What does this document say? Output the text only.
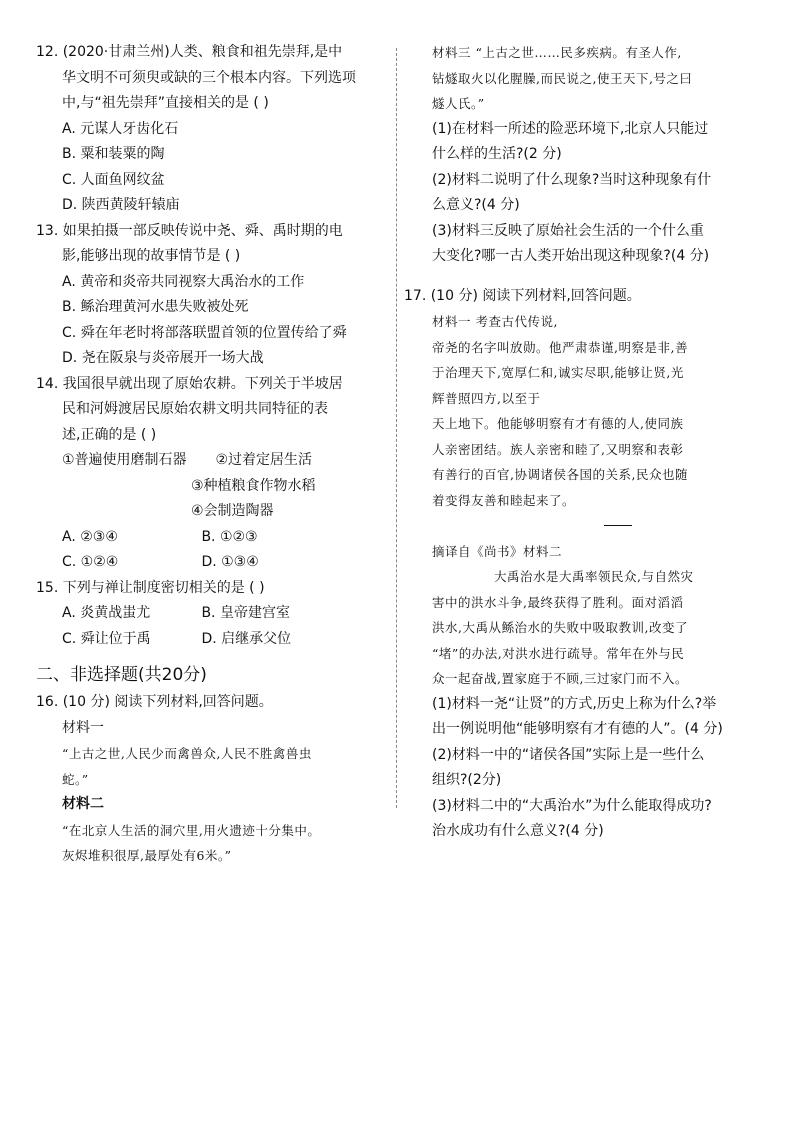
12. (2020·甘肃兰州)人类、粮食和祖先崇拜,是中
华文明不可须臾或缺的三个根本内容。下列选项
中,与“祖先崇拜”直接相关的是 ( )
A. 元谋人牙齿化石
B. 粟和装粟的陶
C. 人面鱼网纹盆
D. 陕西黄陵轩辕庙
13. 如果拍摄一部反映传说中尧、舜、禹时期的电
影,能够出现的故事情节是 ( )
A. 黄帝和炎帝共同视察大禹治水的工作
B. 鲧治理黄河水患失败被处死
C. 舜在年老时将部落联盟首领的位置传给了舜
D. 尧在阪泉与炎帝展开一场大战
14. 我国很早就出现了原始农耕。下列关于半坡居
民和河姆渡居民原始农耕文明共同特征的表
述,正确的是 ( )
①普遍使用磨制石器 ②过着定居生活
③种植粮食作物水稻
④会制造陶器
A. ②③④	B. ①②③
C. ①②④	D. ①③④
15. 下列与禅让制度密切相关的是 ( )
A. 炎黄战蚩尤	B. 皇帝建宫室
C. 舜让位于禹	D. 启继承父位
二、非选择题(共20分)
16. (10 分) 阅读下列材料,回答问题。
材料一
“上古之世,人民少而禽兽众,人民不胜禽兽虫
蛇。”
材料二
“在北京人生活的洞穴里,用火遗迹十分集中。
灰烬堆积很厚,最厚处有6米。”
材料三 “上古之世……民多疾病。有圣人作,
钻燧取火以化腥臊,而民说之,使王天下,号之曰
燧人氏。”
(1)在材料一所述的险恶环境下,北京人只能过
什么样的生活?(2 分)
(2)材料二说明了什么现象?当时这种现象有什
么意义?(4 分)
(3)材料三反映了原始社会生活的一个什么重
大变化?哪一古人类开始出现这种现象?(4 分)
17. (10 分) 阅读下列材料,回答问题。
材料一 考查古代传说,
帝尧的名字叫放勋。他严肃恭谨,明察是非,善
于治理天下,宽厚仁和,诚实尽职,能够让贤,光
辉普照四方,以至于
天上地下。他能够明察有才有德的人,使同族
人亲密团结。族人亲密和睦了,又明察和表彰
有善行的百官,协调诸侯各国的关系,民众也随
着变得友善和睦起来了。
摘译自《尚书》材料二
大禹治水是大禹率领民众,与自然灾
害中的洪水斗争,最终获得了胜利。面对滔滔
洪水,大禹从鲧治水的失败中吸取教训,改变了
“堵”的办法,对洪水进行疏导。常年在外与民
众一起奋战,置家庭于不顾,三过家门而不入。
(1)材料一尧“让贤”的方式,历史上称为什么?举
出一例说明他“能够明察有才有德的人”。(4 分)
(2)材料一中的“诸侯各国”实际上是一些什么
组织?(2分)
(3)材料二中的“大禹治水”为什么能取得成功?
治水成功有什么意义?(4 分)
